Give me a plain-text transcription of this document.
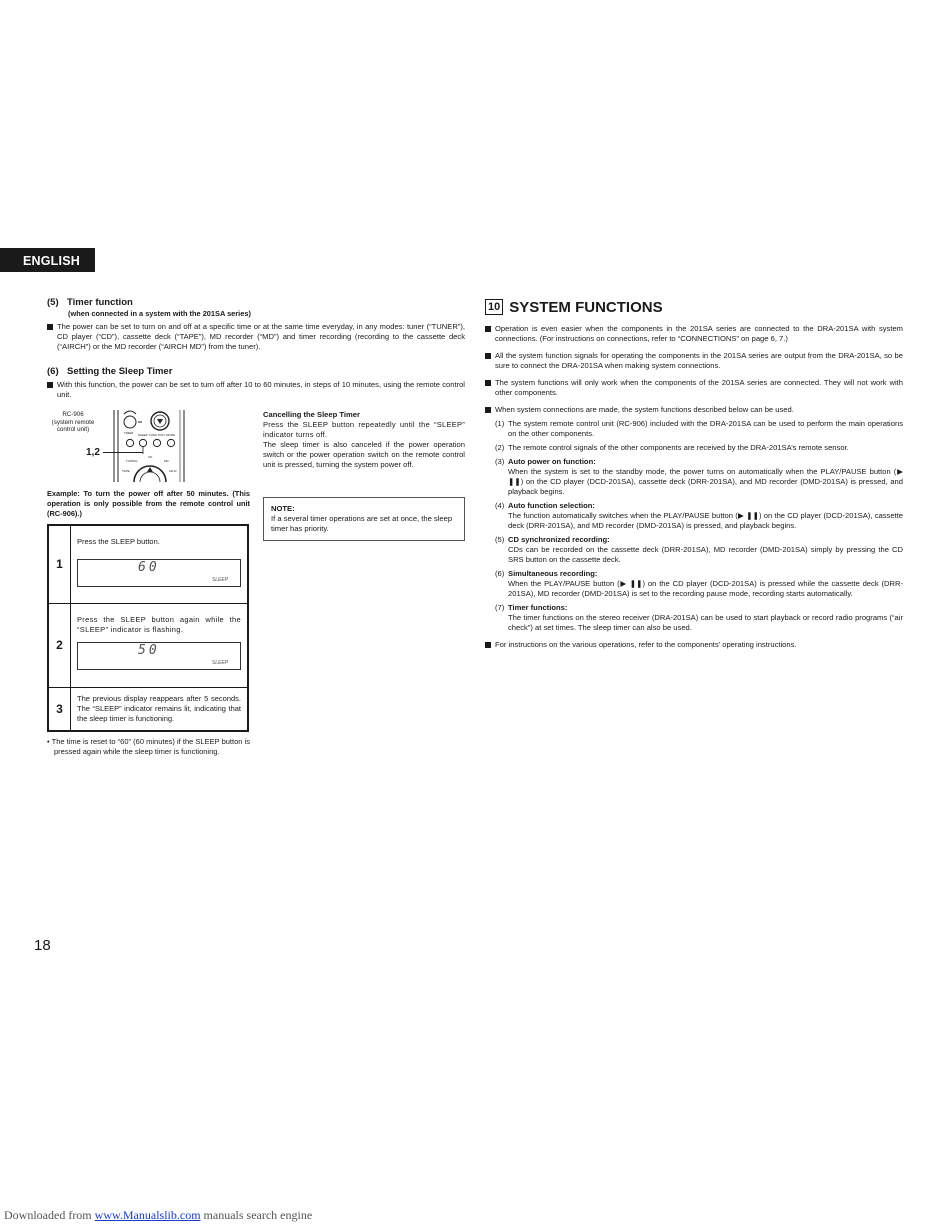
ENGLISH
(5) Timer function
(when connected in a system with the 201SA series)
The power can be set to turn on and off at a specific time or at the same time everyday, in any modes: tuner (“TUNER”), CD player (“CD”), cassette deck (“TAPE”), MD recorder (“MD”) and timer recording (recording to the cassette deck (“AIRCH”) or the MD recorder (“AIRCH MD”) from the tuner).
(6) Setting the Sleep Timer
With this function, the power can be set to turn off after 10 to 60 minutes, in steps of 10 minutes, using the remote control unit.
RC-906
(system remote
control unit)
1,2
TIMER SLEEP FUNCTION MODE
CD
TUNING	MD
TAPE	CD-R
Example: To turn the power off after 50 minutes. (This operation is only possible from the remote control unit (RC-906).)
1	Press the SLEEP button.
60
SLEEP

2	Press the SLEEP button again while the “SLEEP” indicator is flashing.
50
SLEEP

3	The previous display reappears after 5 seconds. The “SLEEP” indicator remains lit, indicating that the sleep timer is functioning.
• The time is reset to “60” (60 minutes) if the SLEEP button is pressed again while the sleep timer is functioning.
Cancelling the Sleep Timer
Press the SLEEP button repeatedly until the “SLEEP” indicator turns off.
The sleep timer is also canceled if the power operation switch or the power operation switch on the remote control unit is pressed, turning the system power off.
NOTE:
If a several timer operations are set at once, the sleep timer has priority.
10 SYSTEM FUNCTIONS
Operation is even easier when the components in the 201SA series are connected to the DRA-201SA with system connections. (For instructions on connections, refer to “CONNECTIONS” on page 6, 7.)
All the system function signals for operating the components in the 201SA series are output from the DRA-201SA, so be sure to connect the DRA-201SA when making system connections.
The system functions will only work when the components of the 201SA series are connected. They will not work with other components.
When system connections are made, the system functions described below can be used.
(1) The system remote control unit (RC-906) included with the DRA-201SA can be used to perform the main operations on the other components.
(2) The remote control signals of the other components are received by the DRA-201SA’s remote sensor.
(3) Auto power on function:
When the system is set to the standby mode, the power turns on automatically when the PLAY/PAUSE button (▶ ❚❚) on the CD player (DCD-201SA), cassette deck (DRR-201SA), and MD recorder (DMD-201SA) is pressed, and playback begins.
(4) Auto function selection:
The function automatically switches when the PLAY/PAUSE button (▶ ❚❚) on the CD player (DCD-201SA), cassette deck (DRR-201SA), and MD recorder (DMD-201SA) is pressed, and playback begins.
(5) CD synchronized recording:
CDs can be recorded on the cassette deck (DRR-201SA), MD recorder (DMD-201SA) simply by pressing the CD SRS button on the cassette deck.
(6) Simultaneous recording:
When the PLAY/PAUSE button (▶ ❚❚) on the CD player (DCD-201SA) is pressed while the cassette deck (DRR-201SA), MD recorder (DMD-201SA) is set to the recording pause mode, recording starts automatically.
(7) Timer functions:
The timer functions on the stereo receiver (DRA-201SA) can be used to start playback or record radio programs (“air check”) at set times. The sleep timer can also be used.
For instructions on the various operations, refer to the components’ operating instructions.
18
Downloaded from www.Manualslib.com manuals search engine
